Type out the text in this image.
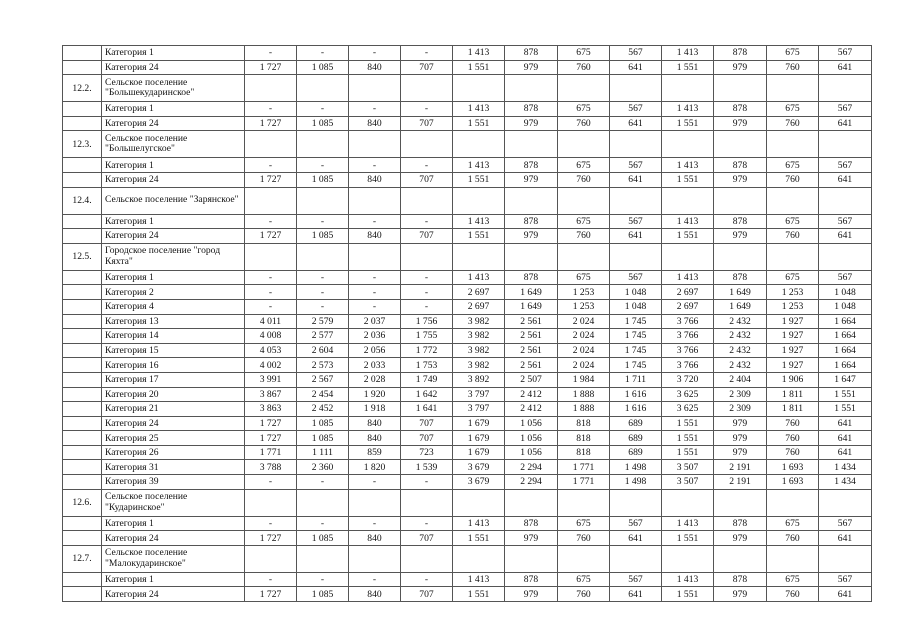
	Категория 1	-	-	-	-	1 413	878	675	567	1 413	878	675	567
	Категория 24	1 727	1 085	840	707	1 551	979	760	641	1 551	979	760	641
12.2.	Сельское поселение "Большекударинское"												
	Категория 1	-	-	-	-	1 413	878	675	567	1 413	878	675	567
	Категория 24	1 727	1 085	840	707	1 551	979	760	641	1 551	979	760	641
12.3.	Сельское поселение "Большелугское"												
	Категория 1	-	-	-	-	1 413	878	675	567	1 413	878	675	567
	Категория 24	1 727	1 085	840	707	1 551	979	760	641	1 551	979	760	641
12.4.	Сельское поселение "Зарянское"												
	Категория 1	-	-	-	-	1 413	878	675	567	1 413	878	675	567
	Категория 24	1 727	1 085	840	707	1 551	979	760	641	1 551	979	760	641
12.5.	Городское поселение "город Кяхта"												
	Категория 1	-	-	-	-	1 413	878	675	567	1 413	878	675	567
	Категория 2	-	-	-	-	2 697	1 649	1 253	1 048	2 697	1 649	1 253	1 048
	Категория 4	-	-	-	-	2 697	1 649	1 253	1 048	2 697	1 649	1 253	1 048
	Категория 13	4 011	2 579	2 037	1 756	3 982	2 561	2 024	1 745	3 766	2 432	1 927	1 664
	Категория 14	4 008	2 577	2 036	1 755	3 982	2 561	2 024	1 745	3 766	2 432	1 927	1 664
	Категория 15	4 053	2 604	2 056	1 772	3 982	2 561	2 024	1 745	3 766	2 432	1 927	1 664
	Категория 16	4 002	2 573	2 033	1 753	3 982	2 561	2 024	1 745	3 766	2 432	1 927	1 664
	Категория 17	3 991	2 567	2 028	1 749	3 892	2 507	1 984	1 711	3 720	2 404	1 906	1 647
	Категория 20	3 867	2 454	1 920	1 642	3 797	2 412	1 888	1 616	3 625	2 309	1 811	1 551
	Категория 21	3 863	2 452	1 918	1 641	3 797	2 412	1 888	1 616	3 625	2 309	1 811	1 551
	Категория 24	1 727	1 085	840	707	1 679	1 056	818	689	1 551	979	760	641
	Категория 25	1 727	1 085	840	707	1 679	1 056	818	689	1 551	979	760	641
	Категория 26	1 771	1 111	859	723	1 679	1 056	818	689	1 551	979	760	641
	Категория 31	3 788	2 360	1 820	1 539	3 679	2 294	1 771	1 498	3 507	2 191	1 693	1 434
	Категория 39	-	-	-	-	3 679	2 294	1 771	1 498	3 507	2 191	1 693	1 434
12.6.	Сельское поселение "Кударинское"												
	Категория 1	-	-	-	-	1 413	878	675	567	1 413	878	675	567
	Категория 24	1 727	1 085	840	707	1 551	979	760	641	1 551	979	760	641
12.7.	Сельское поселение "Малокударинское"												
	Категория 1	-	-	-	-	1 413	878	675	567	1 413	878	675	567
	Категория 24	1 727	1 085	840	707	1 551	979	760	641	1 551	979	760	641
